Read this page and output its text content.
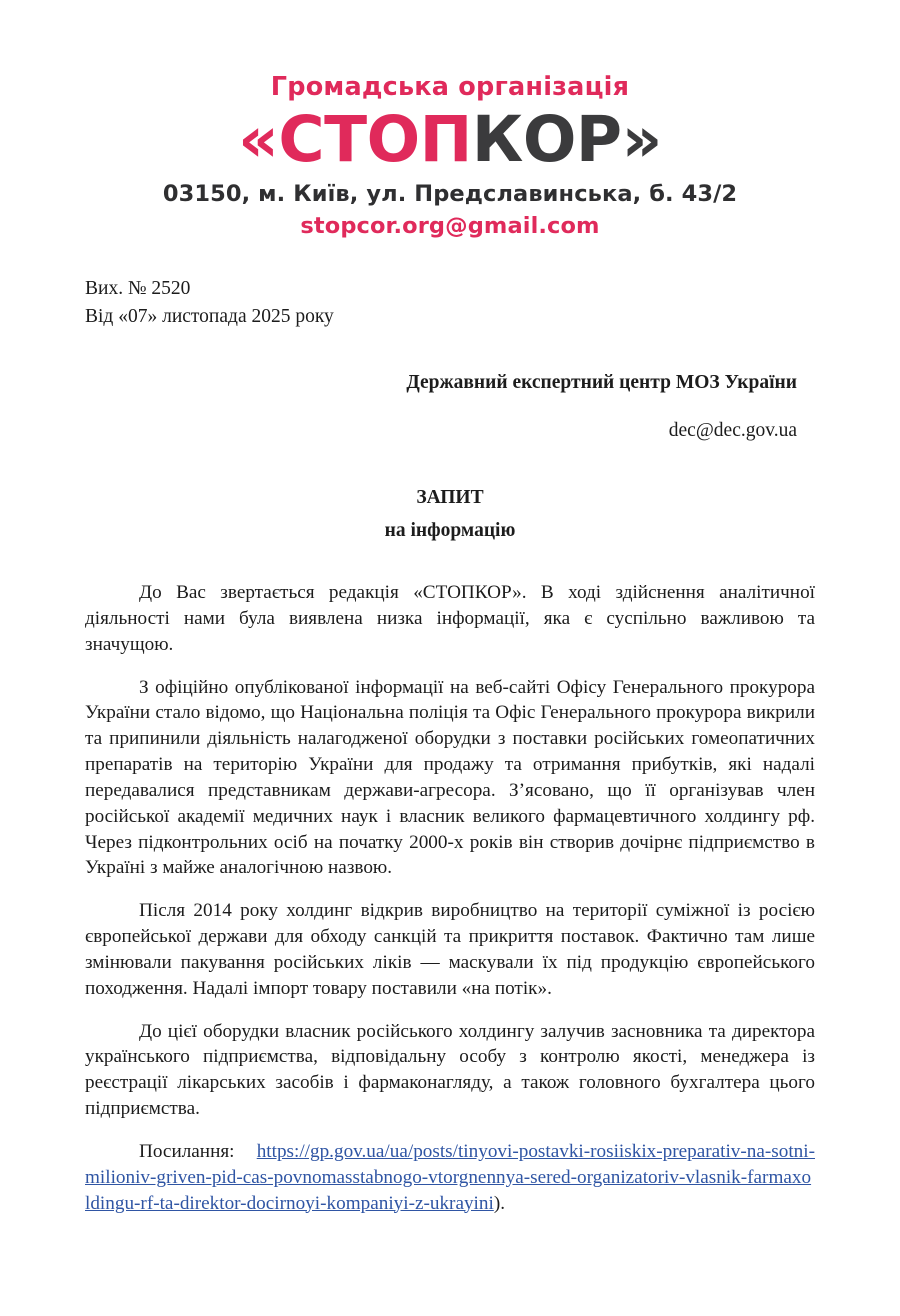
Громадська організація
«СТОПКОР»
03150, м. Київ, ул. Предславинська, б. 43/2
stopcor.org@gmail.com
Вих. № 2520
Від «07» листопада 2025 року
Державний експертний центр МОЗ України
dec@dec.gov.ua
ЗАПИТ
на інформацію

До Вас звертається редакція «СТОПКОР». В ході здійснення аналітичної діяльності нами була виявлена низка інформації, яка є суспільно важливою та значущою.

З офіційно опублікованої інформації на веб-сайті Офісу Генерального прокурора України стало відомо, що Національна поліція та Офіс Генерального прокурора викрили та припинили діяльність налагодженої оборудки з поставки російських гомеопатичних препаратів на територію України для продажу та отримання прибутків, які надалі передавалися представникам держави-агресора. З’ясовано, що її організував член російської академії медичних наук і власник великого фармацевтичного холдингу рф. Через підконтрольних осіб на початку 2000-х років він створив дочірнє підприємство в Україні з майже аналогічною назвою.

Після 2014 року холдинг відкрив виробництво на території суміжної із росією європейської держави для обходу санкцій та прикриття поставок. Фактично там лише змінювали пакування російських ліків — маскували їх під продукцію європейського походження. Надалі імпорт товару поставили «на потік».

До цієї оборудки власник російського холдингу залучив засновника та директора українського підприємства, відповідальну особу з контролю якості, менеджера із реєстрації лікарських засобів і фармаконагляду, а також головного бухгалтера цього підприємства.

Посилання: https://gp.gov.ua/ua/posts/tinyovi-postavki-rosiiskix-preparativ-na-sotni-milioniv-griven-pid-cas-povnomasstabnogo-vtorgnennya-sered-organizatoriv-vlasnik-farmaxoldingu-rf-ta-direktor-docirnoyi-kompaniyi-z-ukrayini).
